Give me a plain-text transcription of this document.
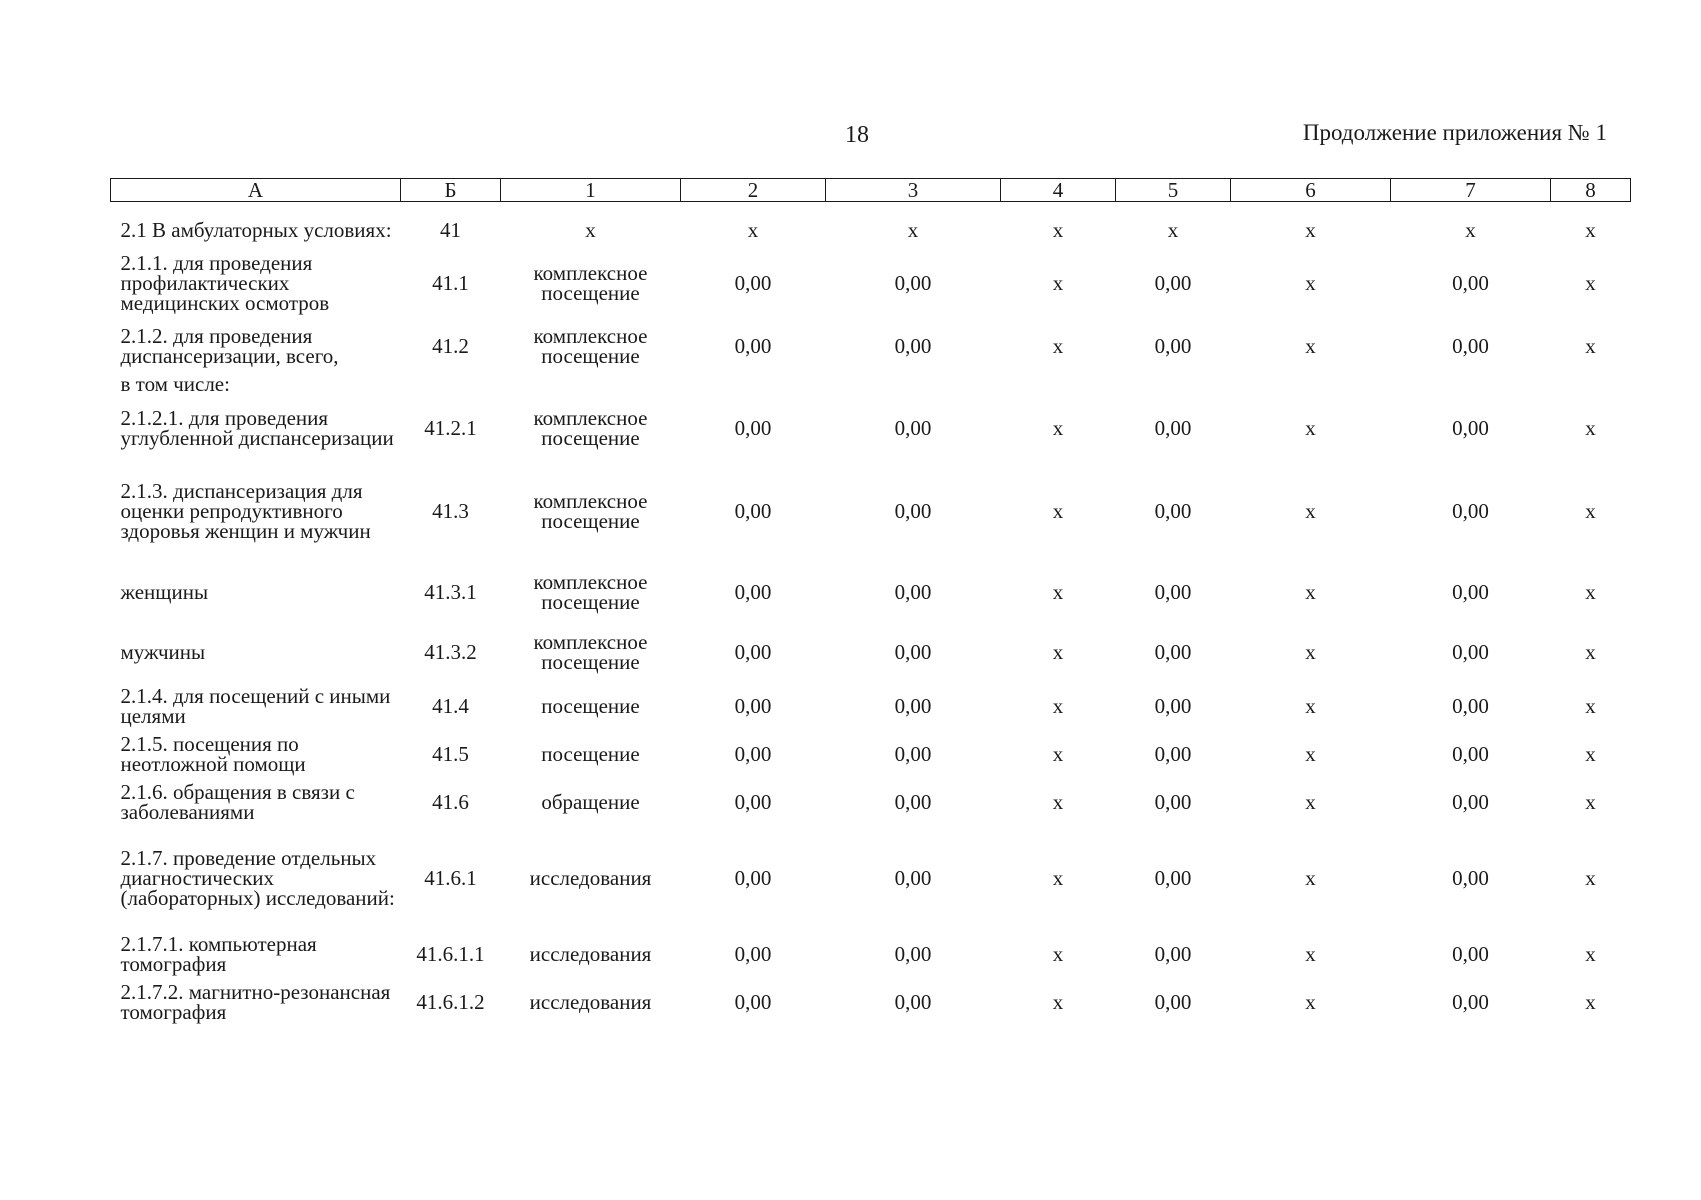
18	Продолжение приложения № 1
А	Б	1	2	3	4	5	6	7	8
2.1 В амбулаторных условиях:	41	х	х	х	х	х	х	х	х
2.1.1. для проведения профилактических медицинских осмотров	41.1	комплексное посещение	0,00	0,00	х	0,00	х	0,00	х
2.1.2. для проведения диспансеризации, всего,	41.2	комплексное посещение	0,00	0,00	х	0,00	х	0,00	х
в том числе:									
2.1.2.1. для проведения углубленной диспансеризации	41.2.1	комплексное посещение	0,00	0,00	х	0,00	х	0,00	х
2.1.3. диспансеризация для оценки репродуктивного здоровья женщин и мужчин	41.3	комплексное посещение	0,00	0,00	х	0,00	х	0,00	х
женщины	41.3.1	комплексное посещение	0,00	0,00	х	0,00	х	0,00	х
мужчины	41.3.2	комплексное посещение	0,00	0,00	х	0,00	х	0,00	х
2.1.4. для посещений с иными целями	41.4	посещение	0,00	0,00	х	0,00	х	0,00	х
2.1.5. посещения по неотложной помощи	41.5	посещение	0,00	0,00	х	0,00	х	0,00	х
2.1.6. обращения в связи с заболеваниями	41.6	обращение	0,00	0,00	х	0,00	х	0,00	х
2.1.7. проведение отдельных диагностических (лабораторных) исследований:	41.6.1	исследования	0,00	0,00	х	0,00	х	0,00	х
2.1.7.1. компьютерная томография	41.6.1.1	исследования	0,00	0,00	х	0,00	х	0,00	х
2.1.7.2. магнитно-резонансная томография	41.6.1.2	исследования	0,00	0,00	х	0,00	х	0,00	х
